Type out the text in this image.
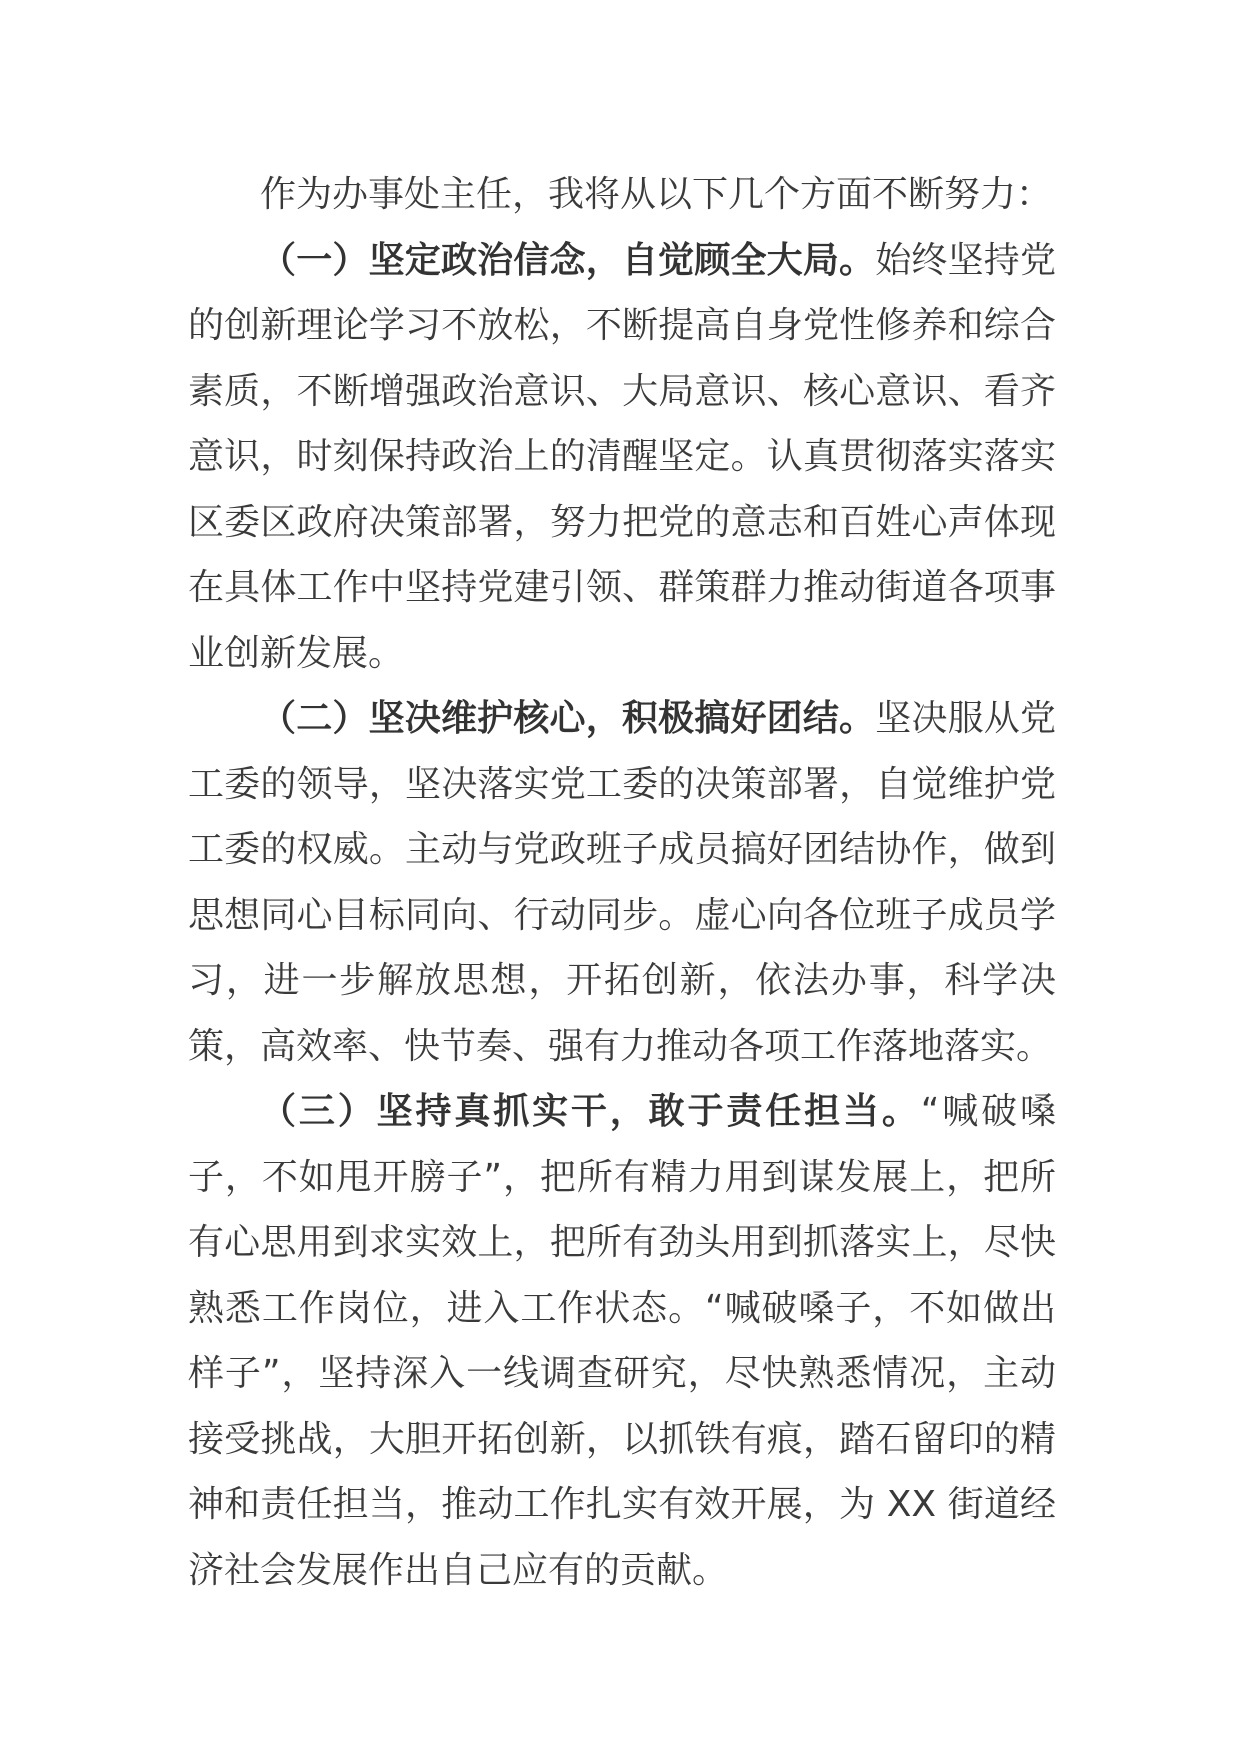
作为办事处主任，我将从以下几个方面不断努力：

（一）坚定政治信念，自觉顾全大局。始终坚持党的创新理论学习不放松，不断提高自身党性修养和综合素质，不断增强政治意识、大局意识、核心意识、看齐意识，时刻保持政治上的清醒坚定。认真贯彻落实落实区委区政府决策部署，努力把党的意志和百姓心声体现在具体工作中坚持党建引领、群策群力推动街道各项事业创新发展。

（二）坚决维护核心，积极搞好团结。坚决服从党工委的领导，坚决落实党工委的决策部署，自觉维护党工委的权威。主动与党政班子成员搞好团结协作，做到思想同心目标同向、行动同步。虚心向各位班子成员学习，进一步解放思想，开拓创新，依法办事，科学决策，高效率、快节奏、强有力推动各项工作落地落实。

（三）坚持真抓实干，敢于责任担当。“喊破嗓子，不如甩开膀子”，把所有精力用到谋发展上，把所有心思用到求实效上，把所有劲头用到抓落实上，尽快熟悉工作岗位，进入工作状态。“喊破嗓子，不如做出样子”，坚持深入一线调查研究，尽快熟悉情况，主动接受挑战，大胆开拓创新，以抓铁有痕，踏石留印的精神和责任担当，推动工作扎实有效开展，为 XX 街道经济社会发展作出自己应有的贡献。
